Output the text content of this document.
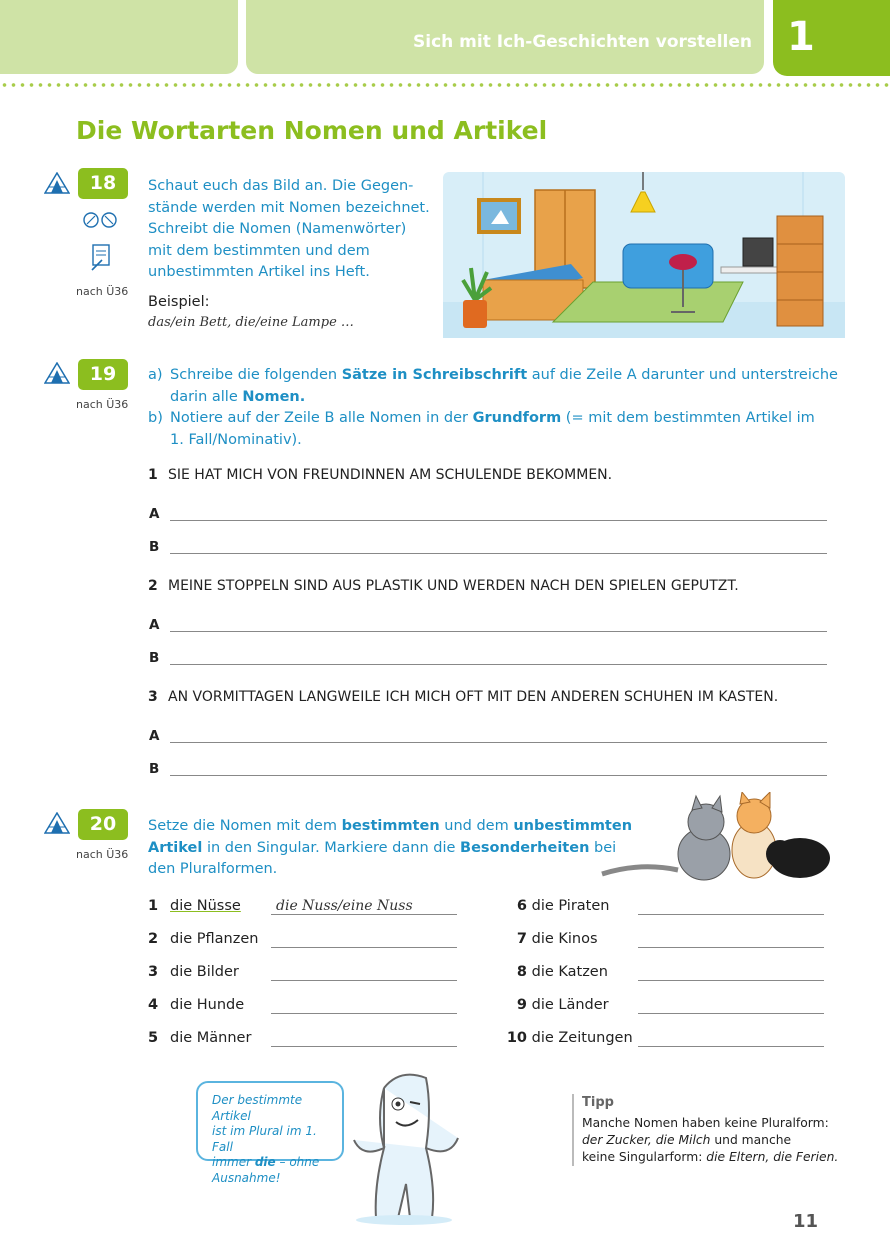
Sich mit Ich-Geschichten vorstellen 1
Die Wortarten Nomen und Artikel
18
nach Ü36
Schaut euch das Bild an. Die Gegen-
stände werden mit Nomen bezeichnet.
Schreibt die Nomen (Namenwörter)
mit dem bestimmten und dem
unbestimmten Artikel ins Heft.
Beispiel:
das/ein Bett, die/eine Lampe …
19
nach Ü36
a) Schreibe die folgenden Sätze in Schreibschrift auf die Zeile A darunter und unterstreiche
darin alle Nomen.
b) Notiere auf der Zeile B alle Nomen in der Grundform (= mit dem bestimmten Artikel im
1. Fall/Nominativ).
1 SIE HAT MICH VON FREUNDINNEN AM SCHULENDE BEKOMMEN.
A
B
2 MEINE STOPPELN SIND AUS PLASTIK UND WERDEN NACH DEN SPIELEN GEPUTZT.
A
B
3 AN VORMITTAGEN LANGWEILE ICH MICH OFT MIT DEN ANDEREN SCHUHEN IM KASTEN.
A
B
20
nach Ü36
Setze die Nomen mit dem bestimmten und dem unbestimmten
Artikel in den Singular. Markiere dann die Besonderheiten bei
den Pluralformen.
1 die Nüsse	die Nuss/eine Nuss
2 die Pflanzen
3 die Bilder
4 die Hunde
5 die Männer
6 die Piraten
7 die Kinos
8 die Katzen
9 die Länder
10 die Zeitungen
Der bestimmte Artikel
ist im Plural im 1. Fall
immer die – ohne
Ausnahme!
Tipp
Manche Nomen haben keine Pluralform:
der Zucker, die Milch und manche
keine Singularform: die Eltern, die Ferien.
11
